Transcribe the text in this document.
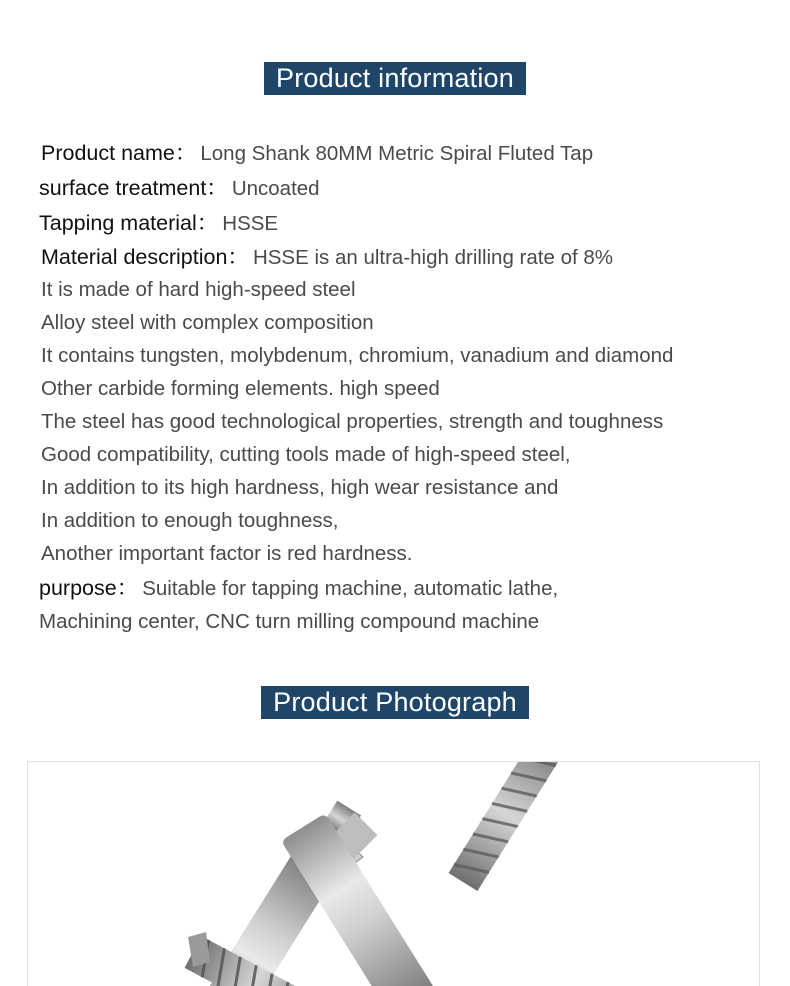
Product information
Product name： Long Shank 80MM Metric Spiral Fluted Tap
surface treatment： Uncoated
Tapping material： HSSE
Material description： HSSE is an ultra-high drilling rate of 8%
It is made of hard high-speed steel
Alloy steel with complex composition
It contains tungsten, molybdenum, chromium, vanadium and diamond
Other carbide forming elements. high speed
The steel has good technological properties, strength and toughness
Good compatibility, cutting tools made of high-speed steel,
In addition to its high hardness, high wear resistance and
In addition to enough toughness,
Another important factor is red hardness.
purpose： Suitable for tapping machine, automatic lathe,
Machining center, CNC turn milling compound machine
Product Photograph
